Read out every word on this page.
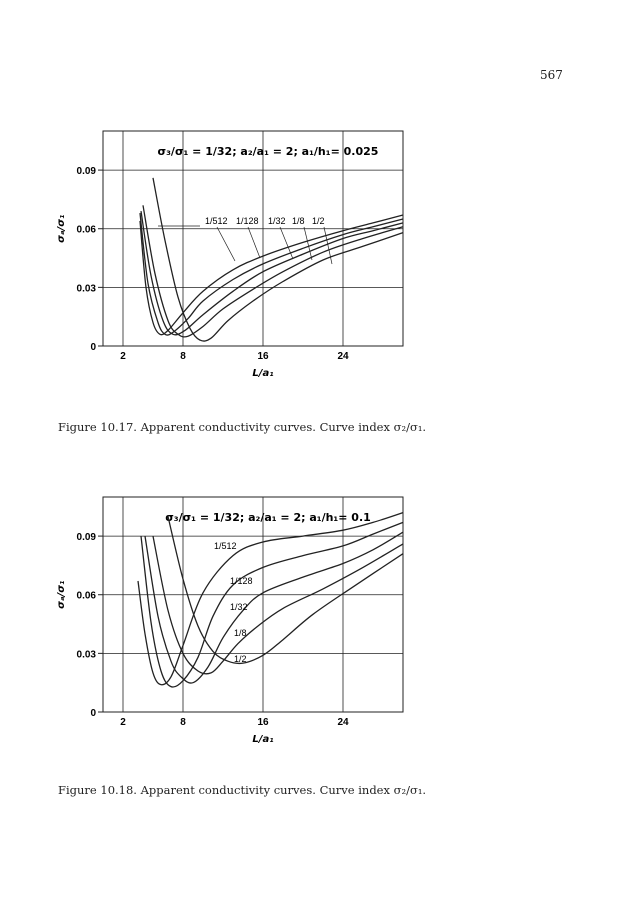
567
2	8	16	24
0
0.03
0.06
0.09
σ₃/σ₁ = 1/32; a₂/a₁ = 2; a₁/h₁= 0.025
L/a₁
σₐ/σ₁	1/512 1/128 1/32 1/8 1/2
Figure 10.17. Apparent conductivity curves. Curve index σ₂/σ₁.
2	8	16	24
0
0.03
0.06
0.09
σ₃/σ₁ = 1/32; a₂/a₁ = 2; a₁/h₁= 0.1
L/a₁
σₐ/σ₁
1/512
1/128
1/32
1/8
1/2
Figure 10.18. Apparent conductivity curves. Curve index σ₂/σ₁.
